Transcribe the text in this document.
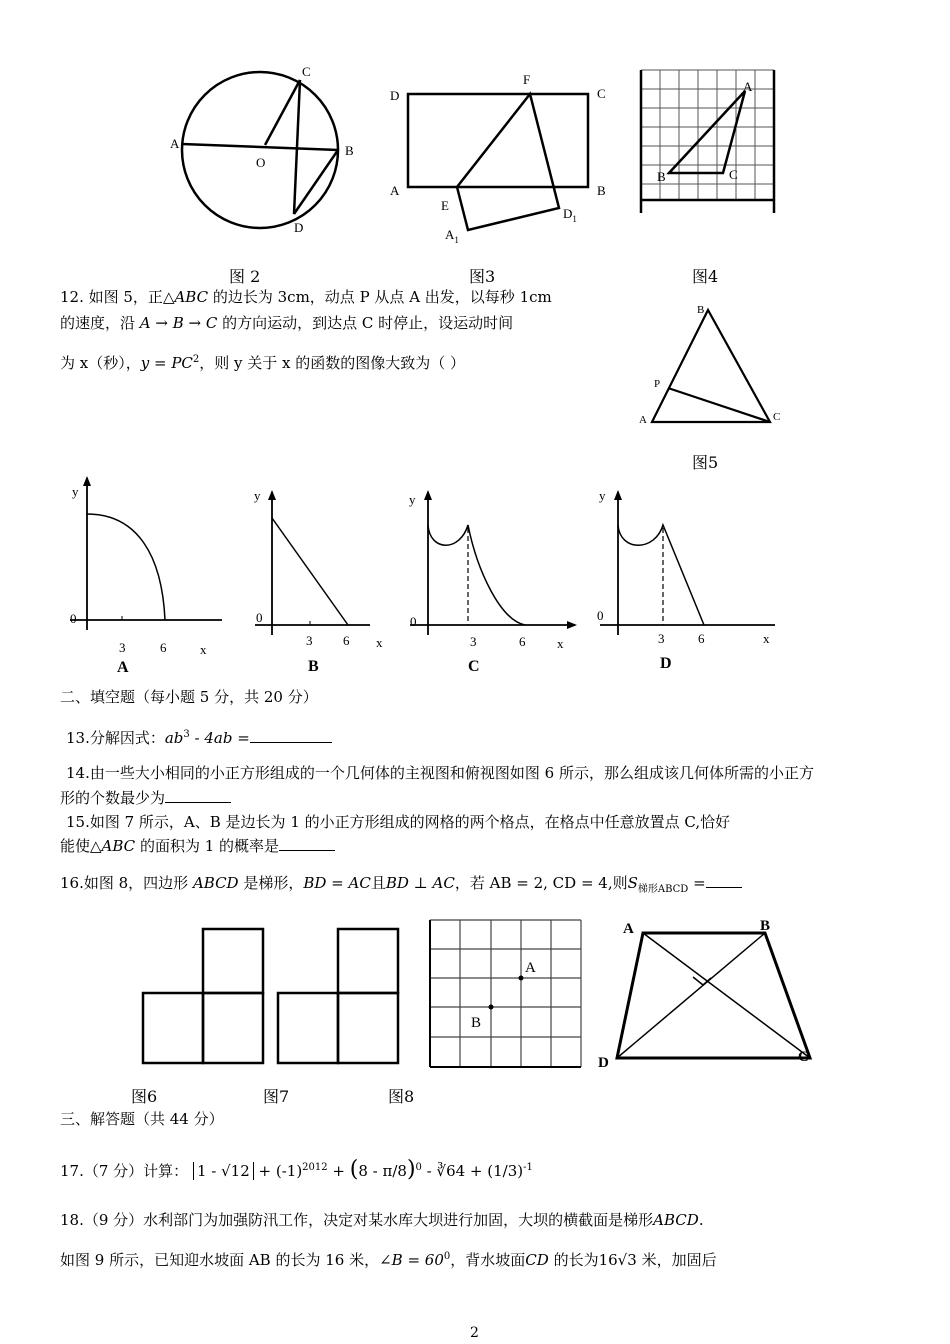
A	B
C
D
O
图 2
D	C
A	B
F
E
$D_1$
$A_1$
图3
A
B	C
图4
12. 如图 5，正△ABC 的边长为 3cm，动点 P 从点 A 出发，以每秒 1cm
的速度，沿 A → B → C 的方向运动，到达点 C 时停止，设运动时间
为 x（秒），$y = PC^2$，则 y 关于 x 的函数的图像大致为（ ）
B
P
A	C
图5
y
0
3	6	x
A
y
0
3 6 x
B
y
0
3	6 x
C
y
0
3	6	x
D
二、填空题（每小题 5 分，共 20 分）
13.分解因式：$ab^3 - 4ab$ =
14.由一些大小相同的小正方形组成的一个几何体的主视图和俯视图如图 6 所示，那么组成该几何体所需的小正方
形的个数最少为
15.如图 7 所示，A、B 是边长为 1 的小正方形组成的网格的两个格点，在格点中任意放置点 C,恰好
能使△ABC 的面积为 1 的概率是
16.如图 8，四边形 ABCD 是梯形，BD = AC且BD ⊥ AC，若 AB = 2, CD = 4,则$S_{梯形ABCD}$ =
A
B
A	B
D	C
图6	图7	图8
三、解答题（共 44 分）
17.（7 分）计算： $1 - √12 + (-1)^{2012} + (8 - \pi/8)^0$ - ∛64 + $(1/3)^{-1}$
18.（9 分）水利部门为加强防汛工作，决定对某水库大坝进行加固，大坝的横截面是梯形ABCD.
如图 9 所示，已知迎水坡面 AB 的长为 16 米，∠B = $60^0$，背水坡面CD 的长为16√3 米，加固后
2
